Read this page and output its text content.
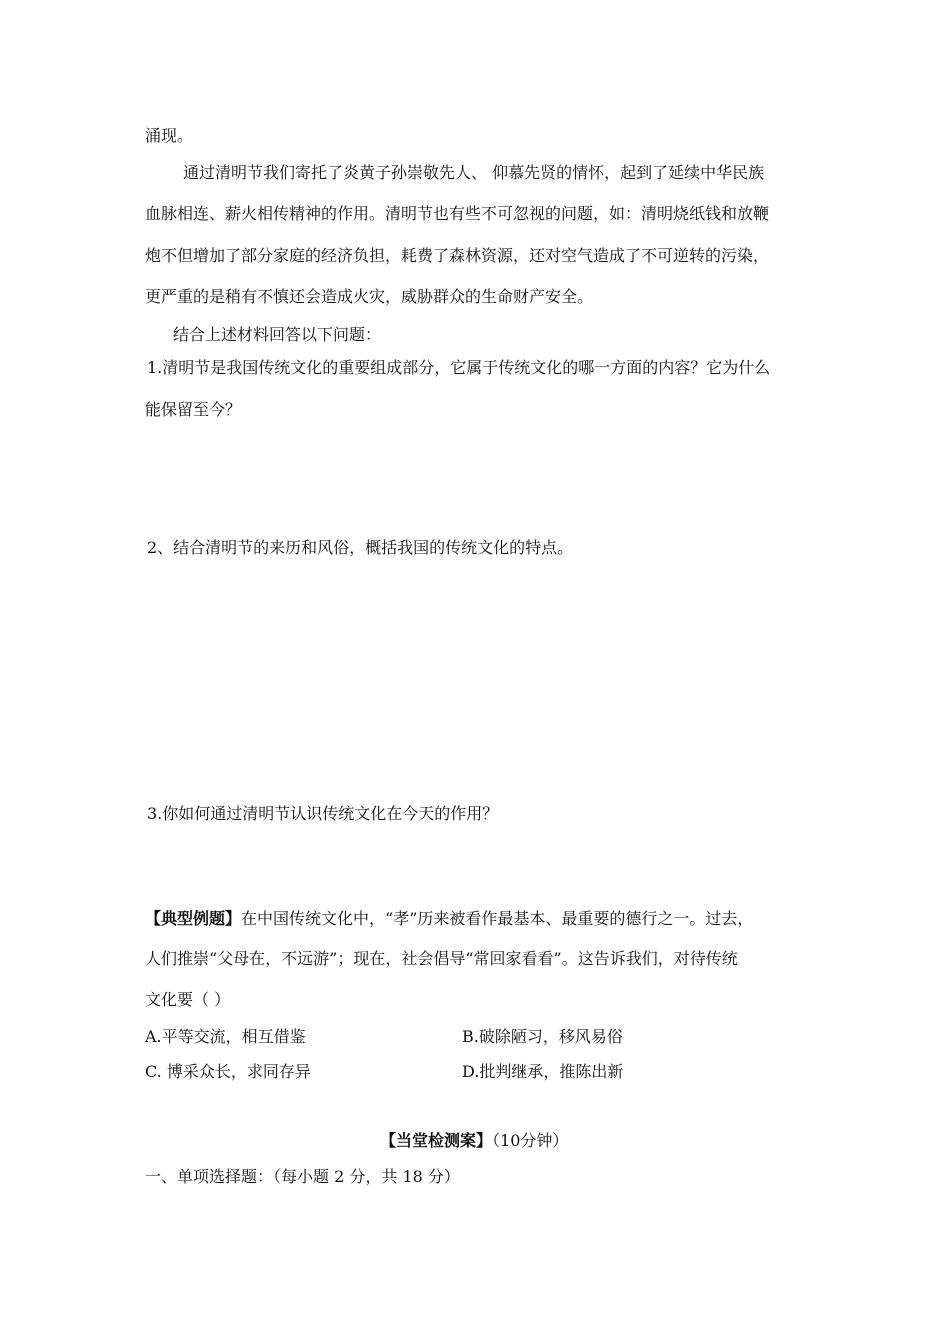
涌现。
通过清明节我们寄托了炎黄子孙崇敬先人、 仰慕先贤的情怀，起到了延续中华民族
血脉相连、薪火相传精神的作用。清明节也有些不可忽视的问题，如：清明烧纸钱和放鞭
炮不但增加了部分家庭的经济负担，耗费了森林资源，还对空气造成了不可逆转的污染，
更严重的是稍有不慎还会造成火灾，威胁群众的生命财产安全。
结合上述材料回答以下问题：
1.清明节是我国传统文化的重要组成部分，它属于传统文化的哪一方面的内容？它为什么
能保留至今？
2、结合清明节的来历和风俗，概括我国的传统文化的特点。
3.你如何通过清明节认识传统文化在今天的作用？
【典型例题】在中国传统文化中，“孝”历来被看作最基本、最重要的德行之一。过去，
人们推崇“父母在，不远游”；现在，社会倡导“常回家看看”。这告诉我们，对待传统
文化要（ ）
A.平等交流，相互借鉴	B.破除陋习，移风易俗
C. 博采众长，求同存异	D.批判继承，推陈出新
【当堂检测案】（10分钟）
一、单项选择题：（每小题 2 分，共 18 分）
